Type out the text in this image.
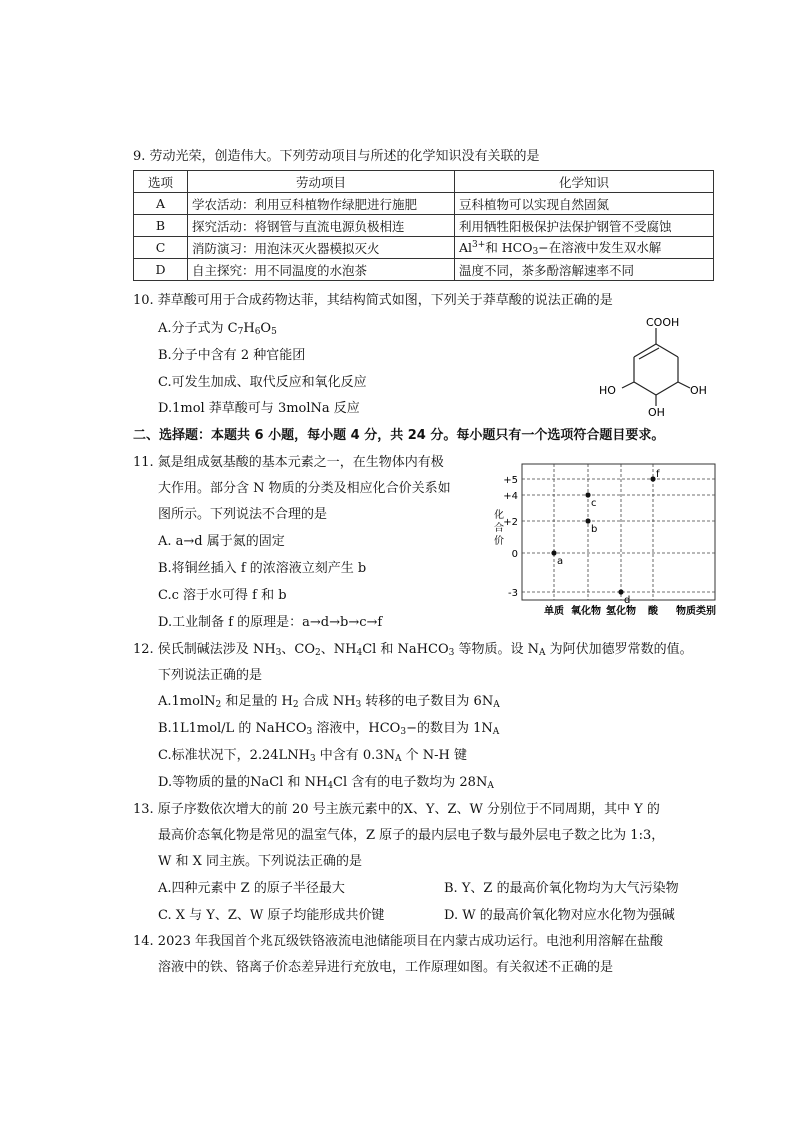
9. 劳动光荣，创造伟大。下列劳动项目与所述的化学知识没有关联的是
选项	劳动项目	化学知识
A	学农活动：利用豆科植物作绿肥进行施肥	豆科植物可以实现自然固氮
B	探究活动：将钢管与直流电源负极相连	利用牺牲阳极保护法保护钢管不受腐蚀
C	消防演习：用泡沫灭火器模拟灭火	$Al^{3+}$和 $HCO_3-$在溶液中发生双水解
D	自主探究：用不同温度的水泡茶	温度不同，茶多酚溶解速率不同
10. 莽草酸可用于合成药物达菲，其结构简式如图，下列关于莽草酸的说法正确的是
A.分子式为 $C_7H_6O_5$
B.分子中含有 2 种官能团
C.可发生加成、取代反应和氧化反应
D.1mol 莽草酸可与 3molNa 反应
COOH
HO	OH
OH
二、选择题：本题共 6 小题，每小题 4 分，共 24 分。每小题只有一个选项符合题目要求。
11. 氮是组成氨基酸的基本元素之一，在生物体内有极
大作用。部分含 N 物质的分类及相应化合价关系如
图所示。下列说法不合理的是
A. a→d 属于氮的固定
B.将铜丝插入 f 的浓溶液立刻产生 b
C.c 溶于水可得 f 和 b
D.工业制备 f 的原理是：a→d→b→c→f
+5
+4
+2
0
-3
化
合
价
单质 氧化物 氢化物 酸 物质类别
a
b
c
d
f
12. 侯氏制碱法涉及 $NH_3$、$CO_2$、$NH_4Cl$ 和 NaHCO$_3$ 等物质。设 $N_A$ 为阿伏加德罗常数的值。
下列说法正确的是
A.1molN$_2$ 和足量的 $H_2$ 合成 $NH_3$ 转移的电子数目为 $6N_A$
B.1L1mol/L 的 NaHCO$_3$ 溶液中，$HCO_3-$的数目为 $1N_A$
C.标准状况下，$2.24LNH_3$ 中含有 $0.3N_A$ 个 N-H 键
D.等物质的量的NaCl 和 $NH_4Cl$ 含有的电子数均为 $28N_A$
13. 原子序数依次增大的前 20 号主族元素中的X、Y、Z、W 分别位于不同周期，其中 Y 的
最高价态氧化物是常见的温室气体，Z 原子的最内层电子数与最外层电子数之比为 1:3，
W 和 X 同主族。下列说法正确的是
A.四种元素中 Z 的原子半径最大	B. Y、Z 的最高价氧化物均为大气污染物
C. X 与 Y、Z、W 原子均能形成共价键	D. W 的最高价氧化物对应水化物为强碱
14. 2023 年我国首个兆瓦级铁铬液流电池储能项目在内蒙古成功运行。电池利用溶解在盐酸
溶液中的铁、铬离子价态差异进行充放电，工作原理如图。有关叙述不正确的是
